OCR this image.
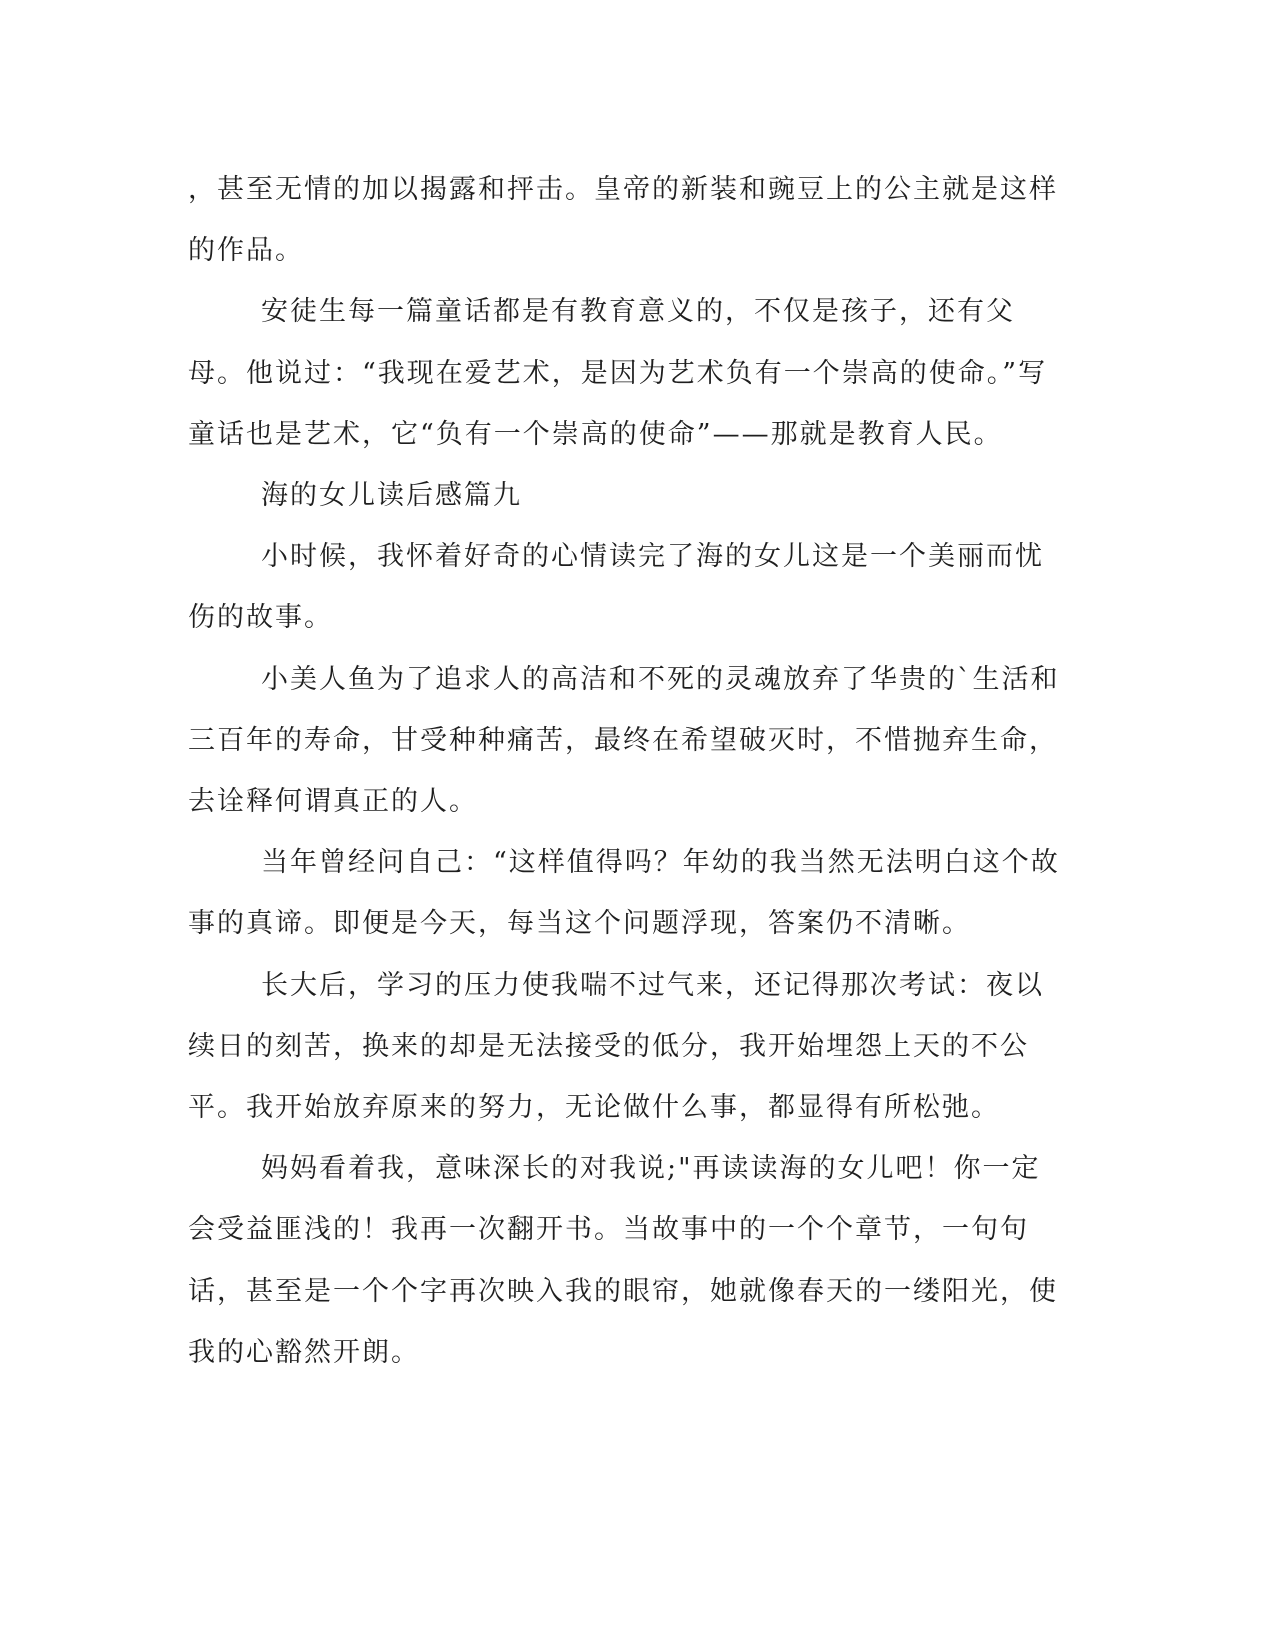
，甚至无情的加以揭露和抨击。皇帝的新装和豌豆上的公主就是这样的作品。

安徒生每一篇童话都是有教育意义的，不仅是孩子，还有父母。他说过：“我现在爱艺术，是因为艺术负有一个崇高的使命。”写童话也是艺术，它“负有一个崇高的使命”——那就是教育人民。

海的女儿读后感篇九

小时候，我怀着好奇的心情读完了海的女儿这是一个美丽而忧伤的故事。

小美人鱼为了追求人的高洁和不死的灵魂放弃了华贵的`生活和三百年的寿命，甘受种种痛苦，最终在希望破灭时，不惜抛弃生命，去诠释何谓真正的人。

当年曾经问自己：“这样值得吗？年幼的我当然无法明白这个故事的真谛。即便是今天，每当这个问题浮现，答案仍不清晰。

长大后，学习的压力使我喘不过气来，还记得那次考试：夜以续日的刻苦，换来的却是无法接受的低分，我开始埋怨上天的不公平。我开始放弃原来的努力，无论做什么事，都显得有所松弛。

妈妈看着我，意味深长的对我说;"再读读海的女儿吧！你一定会受益匪浅的！我再一次翻开书。当故事中的一个个章节，一句句话，甚至是一个个字再次映入我的眼帘，她就像春天的一缕阳光，使我的心豁然开朗。
